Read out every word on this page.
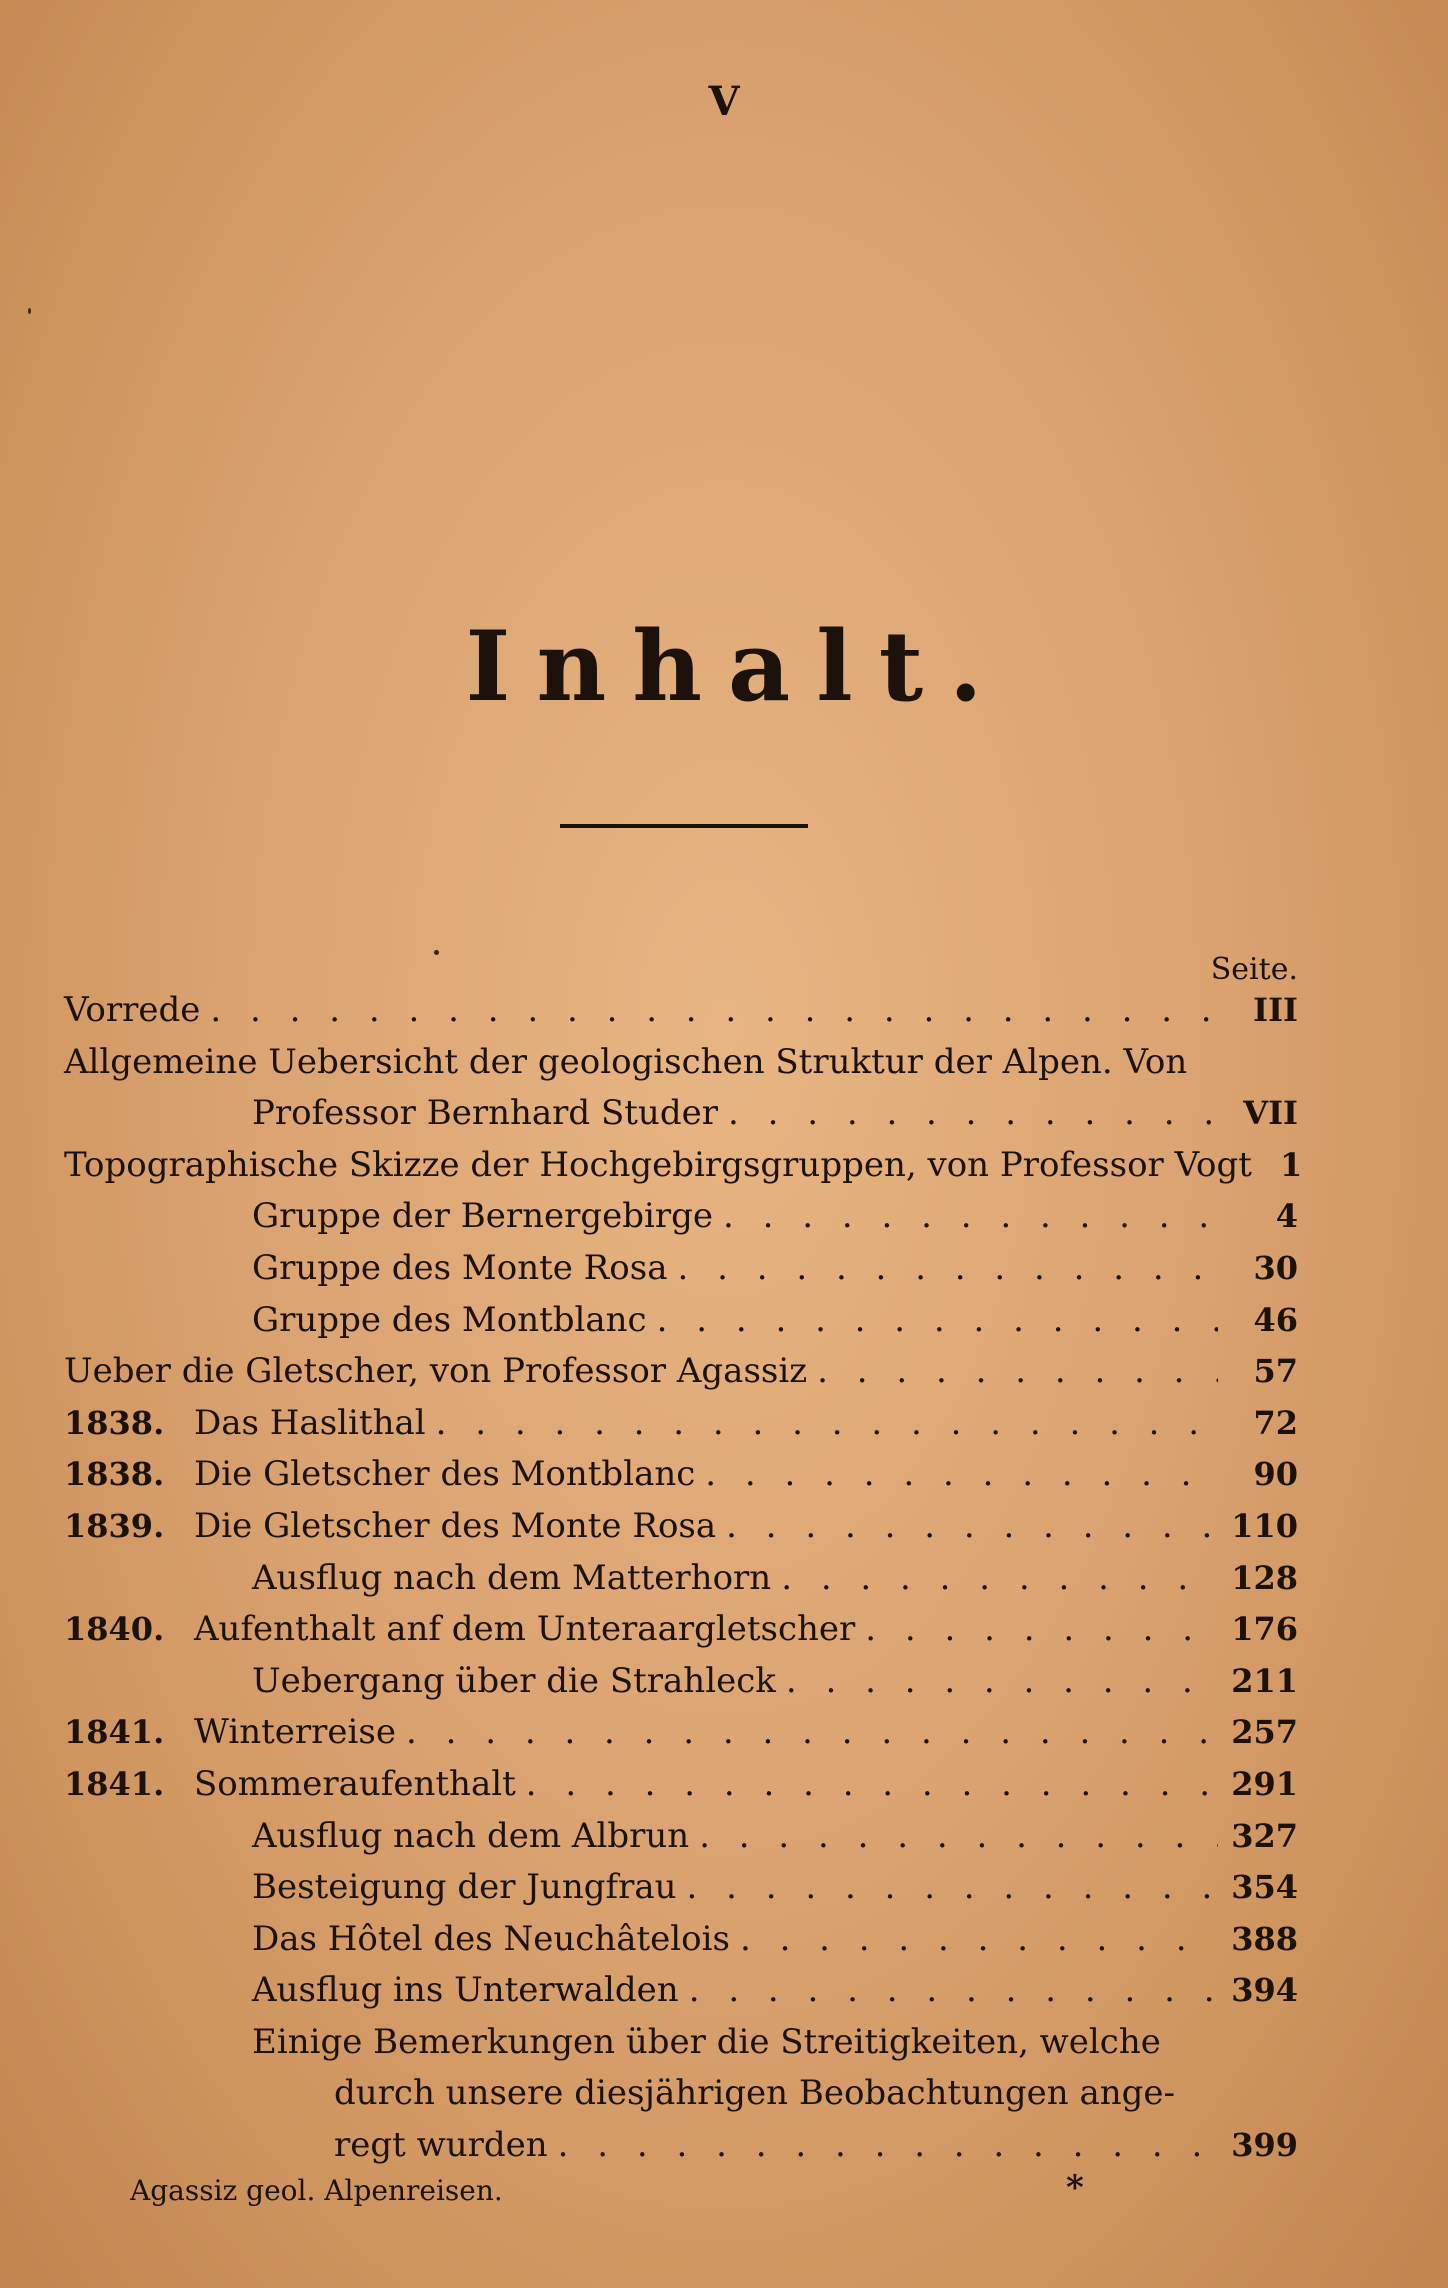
V
Inhalt.
Seite.
Vorrede . . .	III
Allgemeine Uebersicht der geologischen Struktur der Alpen. Von
Professor Bernhard Studer . . .	VII
Topographische Skizze der Hochgebirgsgruppen, von Professor Vogt . . . 1
Gruppe der Bernergebirge . . .	4
Gruppe des Monte Rosa . . .	30
Gruppe des Montblanc . . .	46
Ueber die Gletscher, von Professor Agassiz . . .	57
1838. Das Haslithal . . .	72
1838. Die Gletscher des Montblanc . . .	90
1839. Die Gletscher des Monte Rosa . . .	110
Ausflug nach dem Matterhorn . . .	128
1840. Aufenthalt anf dem Unteraargletscher . . .	176
Uebergang über die Strahleck . . .	211
1841. Winterreise . . .	257
1841. Sommeraufenthalt . . .	291
Ausflug nach dem Albrun . . .	327
Besteigung der Jungfrau . . .	354
Das Hôtel des Neuchâtelois . . .	388
Ausflug ins Unterwalden . . .	394
Einige Bemerkungen über die Streitigkeiten, welche
durch unsere diesjährigen Beobachtungen ange-
regt wurden . . .	399
Agassiz geol. Alpenreisen.	*
